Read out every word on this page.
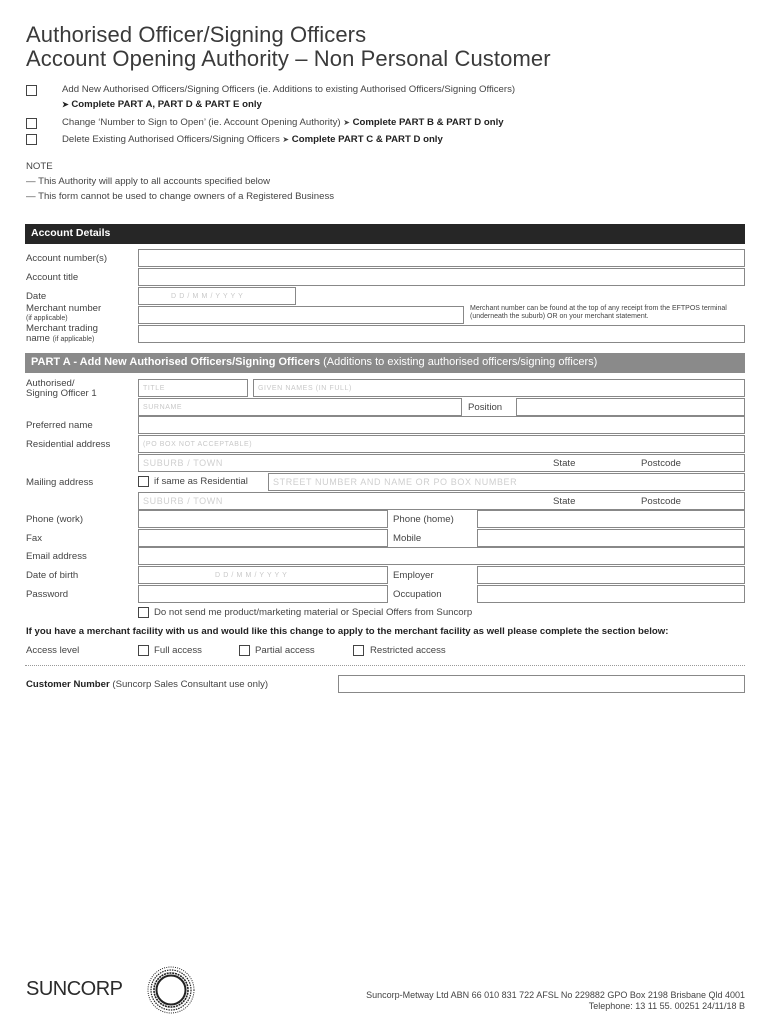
Authorised Officer/Signing Officers
Account Opening Authority – Non Personal Customer
Add New Authorised Officers/Signing Officers (ie. Additions to existing Authorised Officers/Signing Officers)
➤ Complete PART A, PART D & PART E only
Change ‘Number to Sign to Open’ (ie. Account Opening Authority) ➤ Complete PART B & PART D only
Delete Existing Authorised Officers/Signing Officers ➤ Complete PART C & PART D only
NOTE
— This Authority will apply to all accounts specified below
— This form cannot be used to change owners of a Registered Business
Account Details
Account number(s)
Account title
Date	D D / M M / Y Y Y Y
Merchant number
(if applicable)
Merchant number can be found at the top of any receipt from the EFTPOS terminal (underneath the suburb) OR on your merchant statement.
Merchant trading
name (if applicable)
PART A - Add New Authorised Officers/Signing Officers (Additions to existing authorised officers/signing officers)
Authorised/
Signing Officer 1	TITLE	GIVEN NAMES (IN FULL)
SURNAME	Position
Preferred name
Residential address	(PO BOX NOT ACCEPTABLE)
SUBURB / TOWN	State	Postcode
Mailing address	if same as Residential	STREET NUMBER AND NAME OR PO BOX NUMBER
SUBURB / TOWN	State	Postcode
Phone (work)	Phone (home)
Fax	Mobile
Email address
Date of birth	D D / M M / Y Y Y Y	Employer
Password	Occupation
Do not send me product/marketing material or Special Offers from Suncorp
If you have a merchant facility with us and would like this change to apply to the merchant facility as well please complete the section below:
Access level	Full access	Partial access	Restricted access
Customer Number (Suncorp Sales Consultant use only)
SUNCORP	Suncorp-Metway Ltd ABN 66 010 831 722 AFSL No 229882 GPO Box 2198 Brisbane Qld 4001
Telephone: 13 11 55. 00251 24/11/18 B
